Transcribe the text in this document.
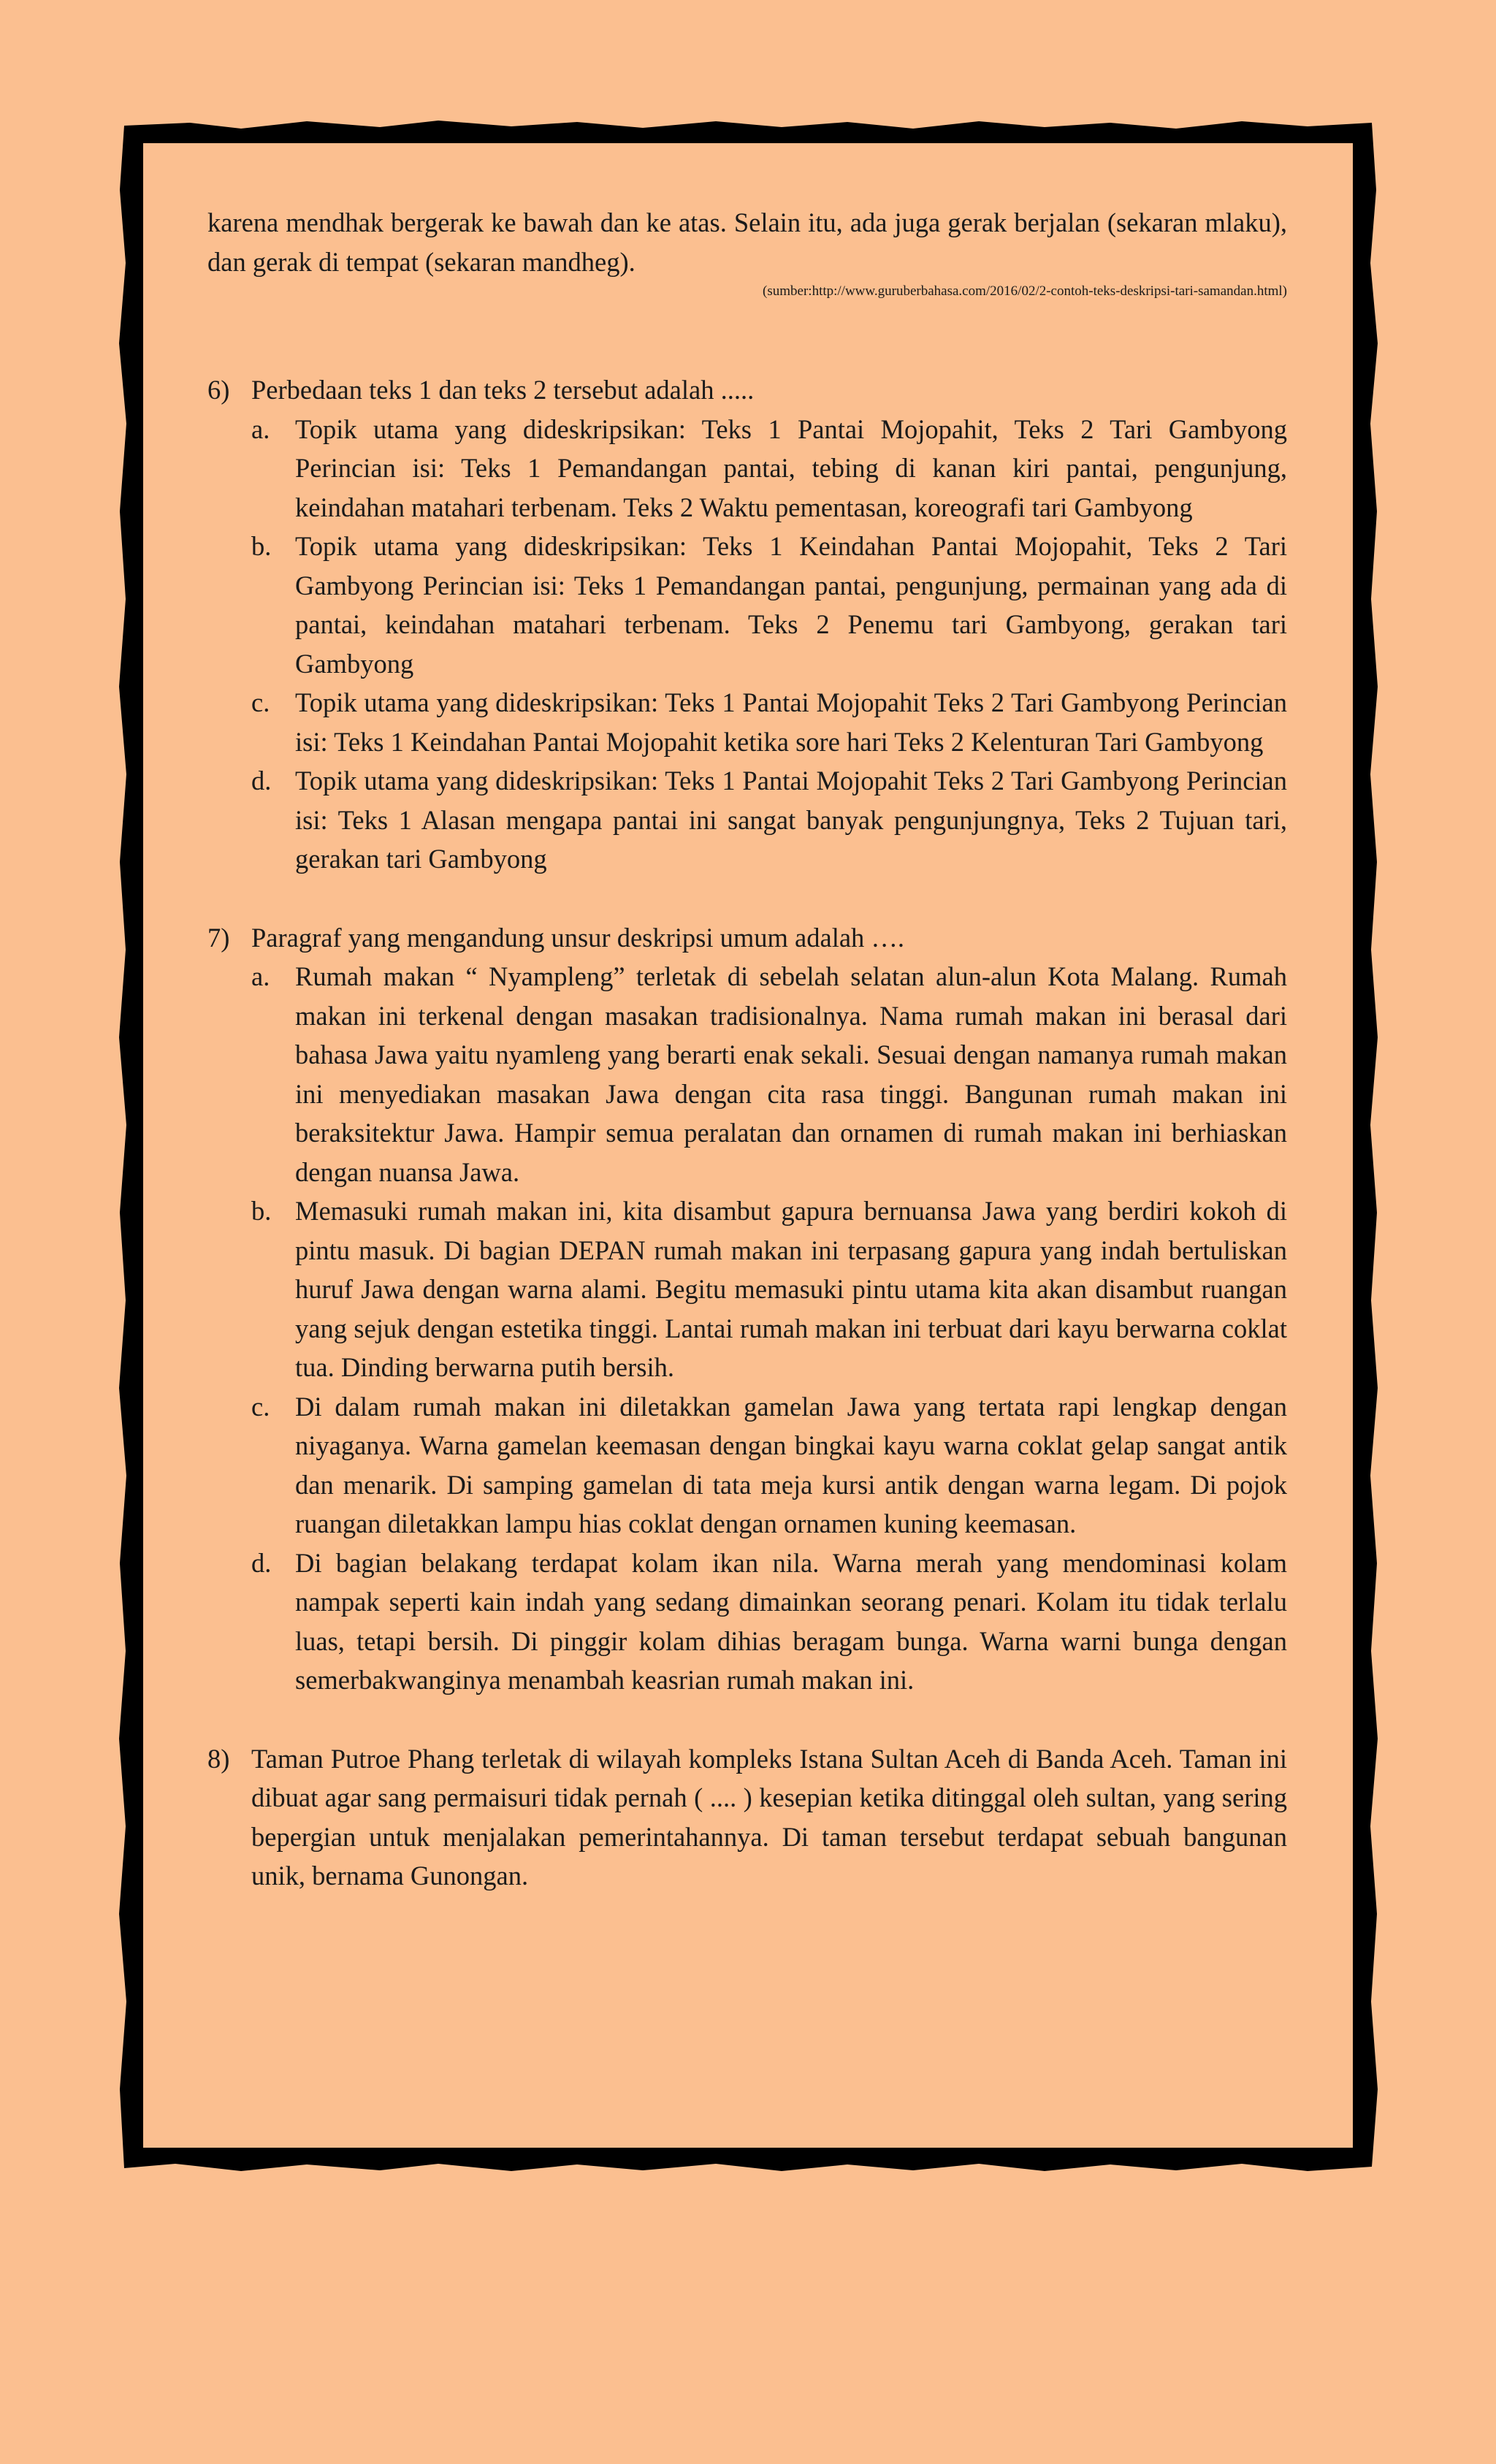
karena mendhak bergerak ke bawah dan ke atas. Selain itu, ada juga gerak berjalan (sekaran mlaku), dan gerak di tempat (sekaran mandheg).

(sumber:http://www.guruberbahasa.com/2016/02/2-contoh-teks-deskripsi-tari-samandan.html)

6) Perbedaan teks 1 dan teks 2 tersebut adalah .....
a. Topik utama yang dideskripsikan: Teks 1 Pantai Mojopahit, Teks 2 Tari Gambyong Perincian isi: Teks 1 Pemandangan pantai, tebing di kanan kiri pantai, pengunjung, keindahan matahari terbenam. Teks 2 Waktu pementasan, koreografi tari Gambyong
b. Topik utama yang dideskripsikan: Teks 1 Keindahan Pantai Mojopahit, Teks 2 Tari Gambyong Perincian isi: Teks 1 Pemandangan pantai, pengunjung, permainan yang ada di pantai, keindahan matahari terbenam. Teks 2 Penemu tari Gambyong, gerakan tari Gambyong
c. Topik utama yang dideskripsikan: Teks 1 Pantai Mojopahit Teks 2 Tari Gambyong Perincian isi: Teks 1 Keindahan Pantai Mojopahit ketika sore hari Teks 2 Kelenturan Tari Gambyong
d. Topik utama yang dideskripsikan: Teks 1 Pantai Mojopahit Teks 2 Tari Gambyong Perincian isi: Teks 1 Alasan mengapa pantai ini sangat banyak pengunjungnya, Teks 2 Tujuan tari, gerakan tari Gambyong
7) Paragraf yang mengandung unsur deskripsi umum adalah ….
a. Rumah makan “ Nyampleng” terletak di sebelah selatan alun-alun Kota Malang. Rumah makan ini terkenal dengan masakan tradisionalnya. Nama rumah makan ini berasal dari bahasa Jawa yaitu nyamleng yang berarti enak sekali. Sesuai dengan namanya rumah makan ini menyediakan masakan Jawa dengan cita rasa tinggi. Bangunan rumah makan ini beraksitektur Jawa. Hampir semua peralatan dan ornamen di rumah makan ini berhiaskan dengan nuansa Jawa.
b. Memasuki rumah makan ini, kita disambut gapura bernuansa Jawa yang berdiri kokoh di pintu masuk. Di bagian DEPAN rumah makan ini terpasang gapura yang indah bertuliskan huruf Jawa dengan warna alami. Begitu memasuki pintu utama kita akan disambut ruangan yang sejuk dengan estetika tinggi. Lantai rumah makan ini terbuat dari kayu berwarna coklat tua. Dinding berwarna putih bersih.
c. Di dalam rumah makan ini diletakkan gamelan Jawa yang tertata rapi lengkap dengan niyaganya. Warna gamelan keemasan dengan bingkai kayu warna coklat gelap sangat antik dan menarik. Di samping gamelan di tata meja kursi antik dengan warna legam. Di pojok ruangan diletakkan lampu hias coklat dengan ornamen kuning keemasan.
d. Di bagian belakang terdapat kolam ikan nila. Warna merah yang mendominasi kolam nampak seperti kain indah yang sedang dimainkan seorang penari. Kolam itu tidak terlalu luas, tetapi bersih. Di pinggir kolam dihias beragam bunga. Warna warni bunga dengan semerbakwanginya menambah keasrian rumah makan ini.
8) Taman Putroe Phang terletak di wilayah kompleks Istana Sultan Aceh di Banda Aceh. Taman ini dibuat agar sang permaisuri tidak pernah ( .... ) kesepian ketika ditinggal oleh sultan, yang sering bepergian untuk menjalakan pemerintahannya. Di taman tersebut terdapat sebuah bangunan unik, bernama Gunongan.
